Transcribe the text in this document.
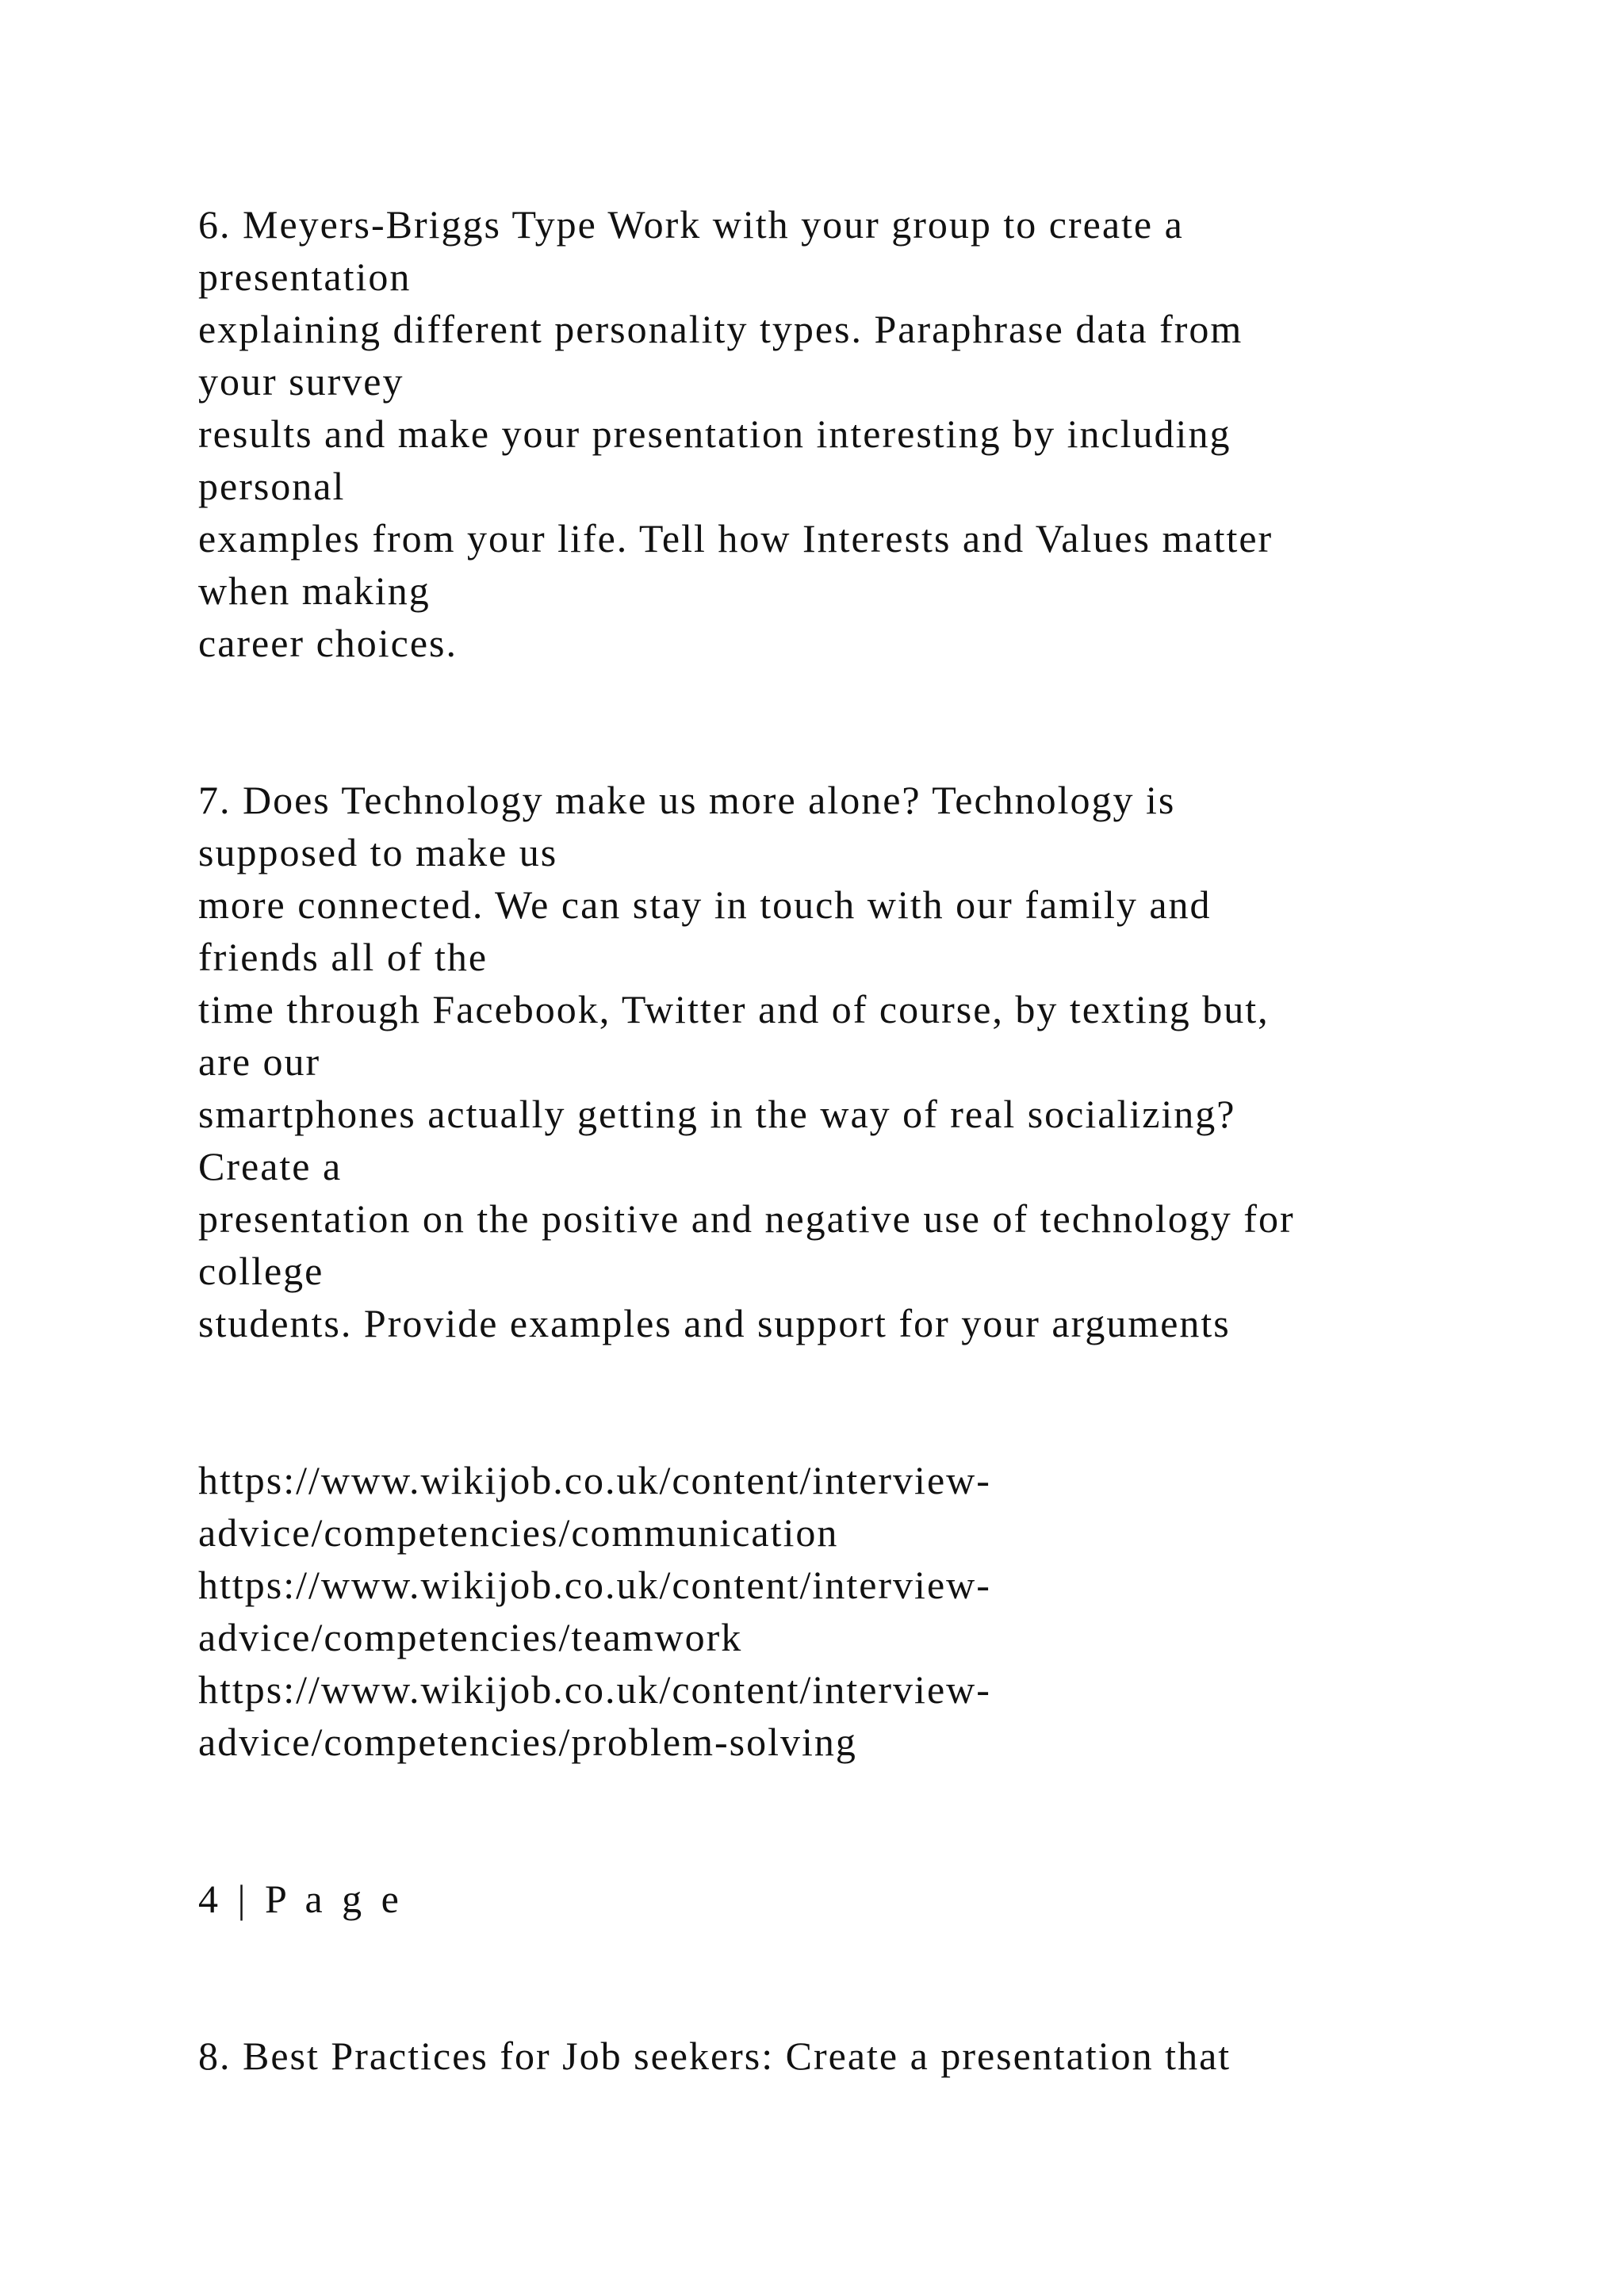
6. Meyers-Briggs Type Work with your group to create a
presentation
explaining different personality types. Paraphrase data from
your survey
results and make your presentation interesting by including
personal
examples from your life. Tell how Interests and Values matter
when making
career choices.
7. Does Technology make us more alone? Technology is
supposed to make us
more connected. We can stay in touch with our family and
friends all of the
time through Facebook, Twitter and of course, by texting but,
are our
smartphones actually getting in the way of real socializing?
Create a
presentation on the positive and negative use of technology for
college
students. Provide examples and support for your arguments
https://www.wikijob.co.uk/content/interview-
advice/competencies/communication
https://www.wikijob.co.uk/content/interview-
advice/competencies/teamwork
https://www.wikijob.co.uk/content/interview-
advice/competencies/problem-solving
4 | P a g e
8. Best Practices for Job seekers: Create a presentation that
